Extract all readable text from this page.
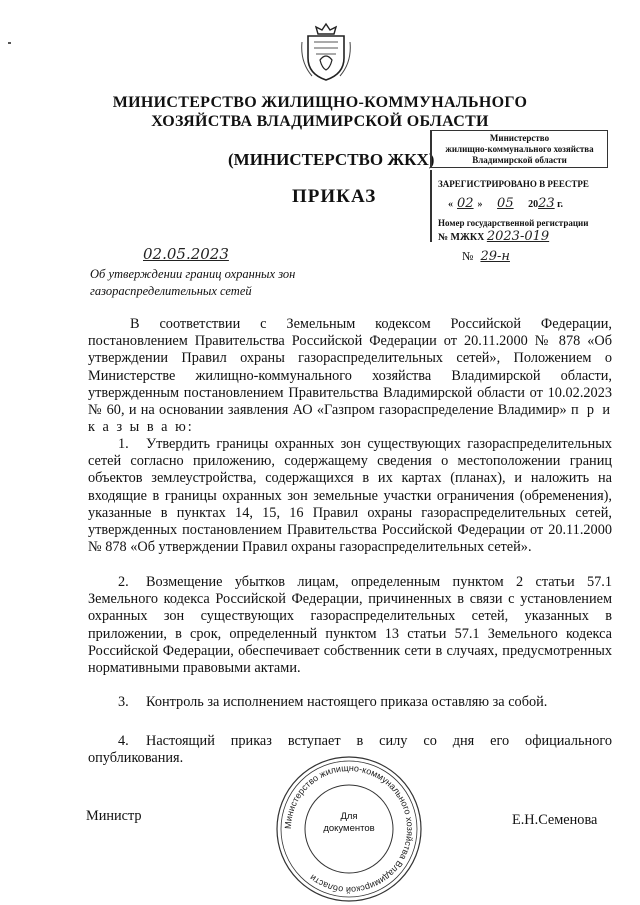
МИНИСТЕРСТВО ЖИЛИЩНО-КОММУНАЛЬНОГО
ХОЗЯЙСТВА ВЛАДИМИРСКОЙ ОБЛАСТИ
(МИНИСТЕРСТВО ЖКХ)
ПРИКАЗ
Министерство
жилищно-коммунального хозяйства
Владимирской области
ЗАРЕГИСТРИРОВАНО В РЕЕСТРЕ
« 02 » 05 2023 г.
Номер государственной регистрации
№ МЖКХ 2023-019
№ 29-н
02.05.2023
Об утверждении границ охранных зон
газораспределительных сетей
В соответствии с Земельным кодексом Российской Федерации, постановлением Правительства Российской Федерации от 20.11.2000 № 878 «Об утверждении Правил охраны газораспределительных сетей», Положением о Министерстве жилищно-коммунального хозяйства Владимирской области, утвержденным постановлением Правительства Владимирской области от 10.02.2023 № 60, и на основании заявления АО «Газпром газораспределение Владимир» п р и к а з ы в а ю:
1. Утвердить границы охранных зон существующих газораспределительных сетей согласно приложению, содержащему сведения о местоположении границ объектов землеустройства, содержащихся в их картах (планах), и наложить на входящие в границы охранных зон земельные участки ограничения (обременения), указанные в пунктах 14, 15, 16 Правил охраны газораспределительных сетей, утвержденных постановлением Правительства Российской Федерации от 20.11.2000 № 878 «Об утверждении Правил охраны газораспределительных сетей».
2. Возмещение убытков лицам, определенным пунктом 2 статьи 57.1 Земельного кодекса Российской Федерации, причиненных в связи с установлением охранных зон существующих газораспределительных сетей, указанных в приложении, в срок, определенный пунктом 13 статьи 57.1 Земельного кодекса Российской Федерации, обеспечивает собственник сети в случаях, предусмотренных нормативными правовыми актами.
3. Контроль за исполнением настоящего приказа оставляю за собой.
4. Настоящий приказ вступает в силу со дня его официального опубликования.
Министерство жилищно-коммунального хозяйства Владимирской области
Для
документов
Министр	Е.Н.Семенова
